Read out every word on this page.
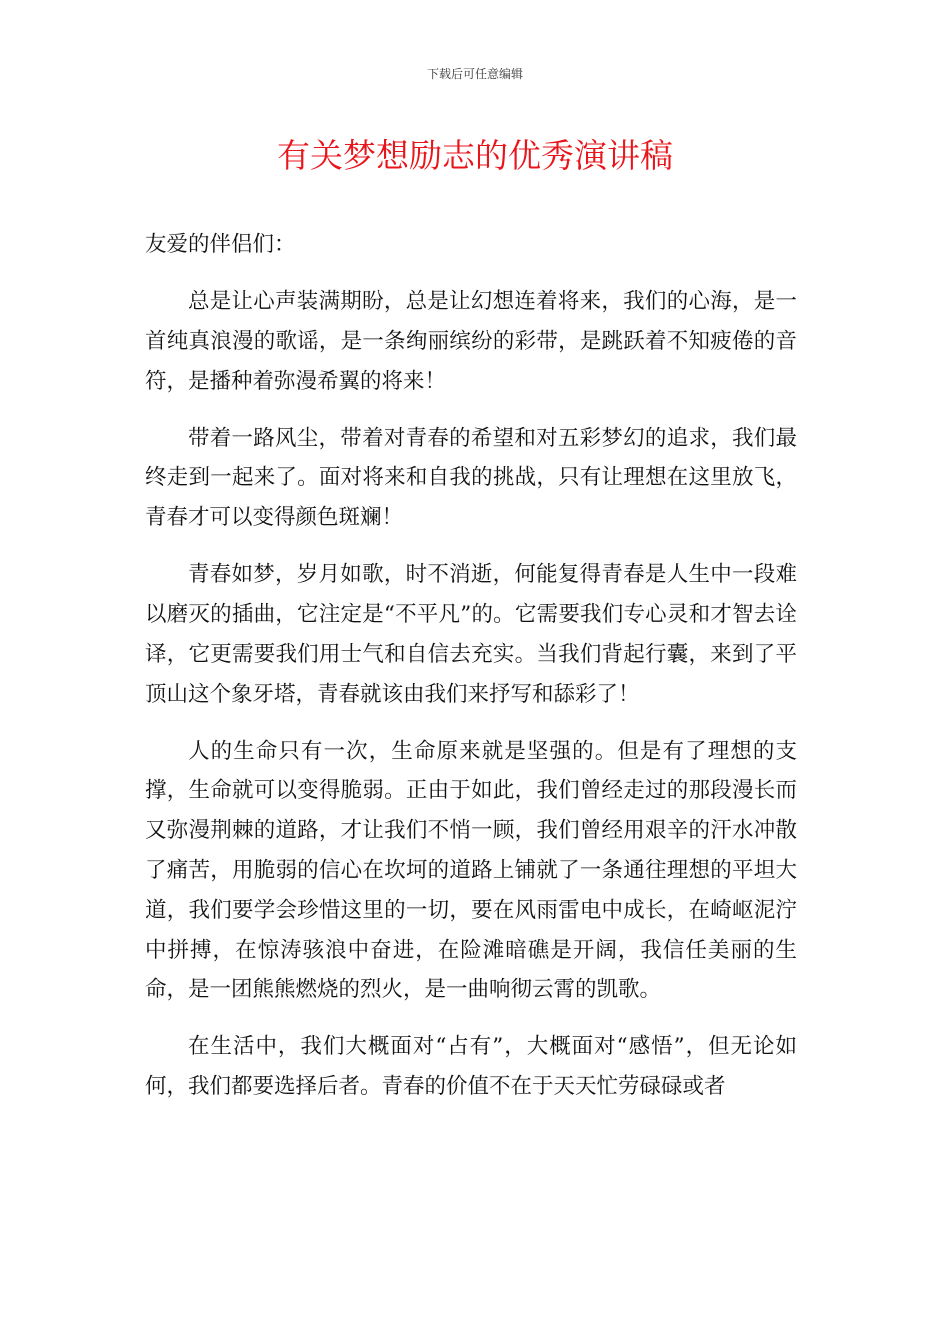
下载后可任意编辑
有关梦想励志的优秀演讲稿

友爱的伴侣们：

总是让心声装满期盼，总是让幻想连着将来，我们的心海，是一首纯真浪漫的歌谣，是一条绚丽缤纷的彩带，是跳跃着不知疲倦的音符，是播种着弥漫希翼的将来！

带着一路风尘，带着对青春的希望和对五彩梦幻的追求，我们最终走到一起来了。面对将来和自我的挑战，只有让理想在这里放飞，青春才可以变得颜色斑斓！

青春如梦，岁月如歌，时不消逝，何能复得青春是人生中一段难以磨灭的插曲，它注定是“不平凡”的。它需要我们专心灵和才智去诠译，它更需要我们用士气和自信去充实。当我们背起行囊，来到了平顶山这个象牙塔，青春就该由我们来抒写和舔彩了！

人的生命只有一次，生命原来就是坚强的。但是有了理想的支撑，生命就可以变得脆弱。正由于如此，我们曾经走过的那段漫长而又弥漫荆棘的道路，才让我们不悄一顾，我们曾经用艰辛的汗水冲散了痛苦，用脆弱的信心在坎坷的道路上铺就了一条通往理想的平坦大道，我们要学会珍惜这里的一切，要在风雨雷电中成长，在崎岖泥泞中拼搏，在惊涛骇浪中奋进，在险滩暗礁是开阔，我信任美丽的生命，是一团熊熊燃烧的烈火，是一曲响彻云霄的凯歌。

在生活中，我们大概面对“占有”，大概面对“感悟”，但无论如何，我们都要选择后者。青春的价值不在于天天忙劳碌碌或者
